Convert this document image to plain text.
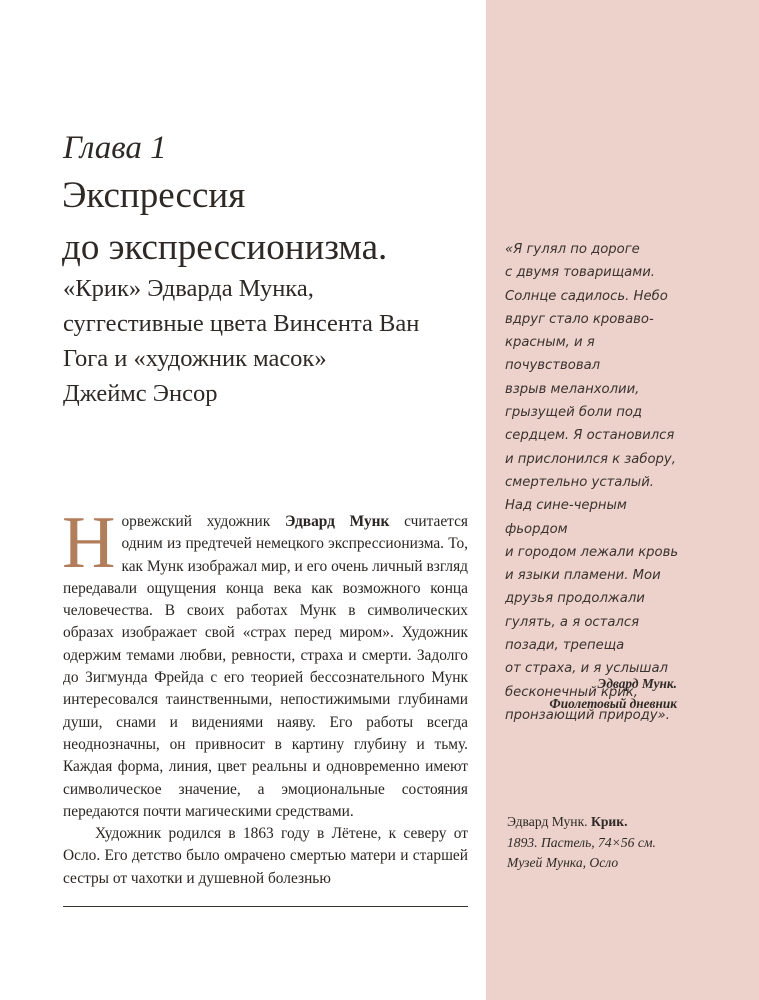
Глава 1
Экспрессия
до экспрессионизма.
«Крик» Эдварда Мунка,
суггестивные цвета Винсента Ван
Гога и «художник масок»
Джеймс Энсор

Норвежский художник Эдвард Мунк считается одним из предтечей немецкого экспрессионизма. То, как Мунк изображал мир, и его очень личный взгляд передавали ощущения конца века как возможного конца человечества. В своих работах Мунк в символических образах изображает свой «страх перед миром». Художник одержим темами любви, ревности, страха и смерти. Задолго до Зигмунда Фрейда с его теорией бессознательного Мунк интересовался таинственными, непостижимыми глубинами души, снами и видениями наяву. Его работы всегда неоднозначны, он привносит в картину глубину и тьму. Каждая форма, линия, цвет реальны и одновременно имеют символическое значение, а эмоциональные состояния передаются почти магическими средствами.

Художник родился в 1863 году в Лётене, к северу от Осло. Его детство было омрачено смертью матери и старшей сестры от чахотки и душевной болезнью

«Я гулял по дороге
с двумя товарищами.
Солнце садилось. Небо
вдруг стало кроваво-
красным, и я почувствовал
взрыв меланхолии,
грызущей боли под
сердцем. Я остановился
и прислонился к забору,
смертельно усталый.
Над сине-черным фьордом
и городом лежали кровь
и языки пламени. Мои
друзья продолжали
гулять, а я остался
позади, трепеща
от страха, и я услышал
бесконечный крик,
пронзающий природу».

Эдвард Мунк.
Фиолетовый дневник
Эдвард Мунк. Крик.
1893. Пастель, 74×56 см.
Музей Мунка, Осло
